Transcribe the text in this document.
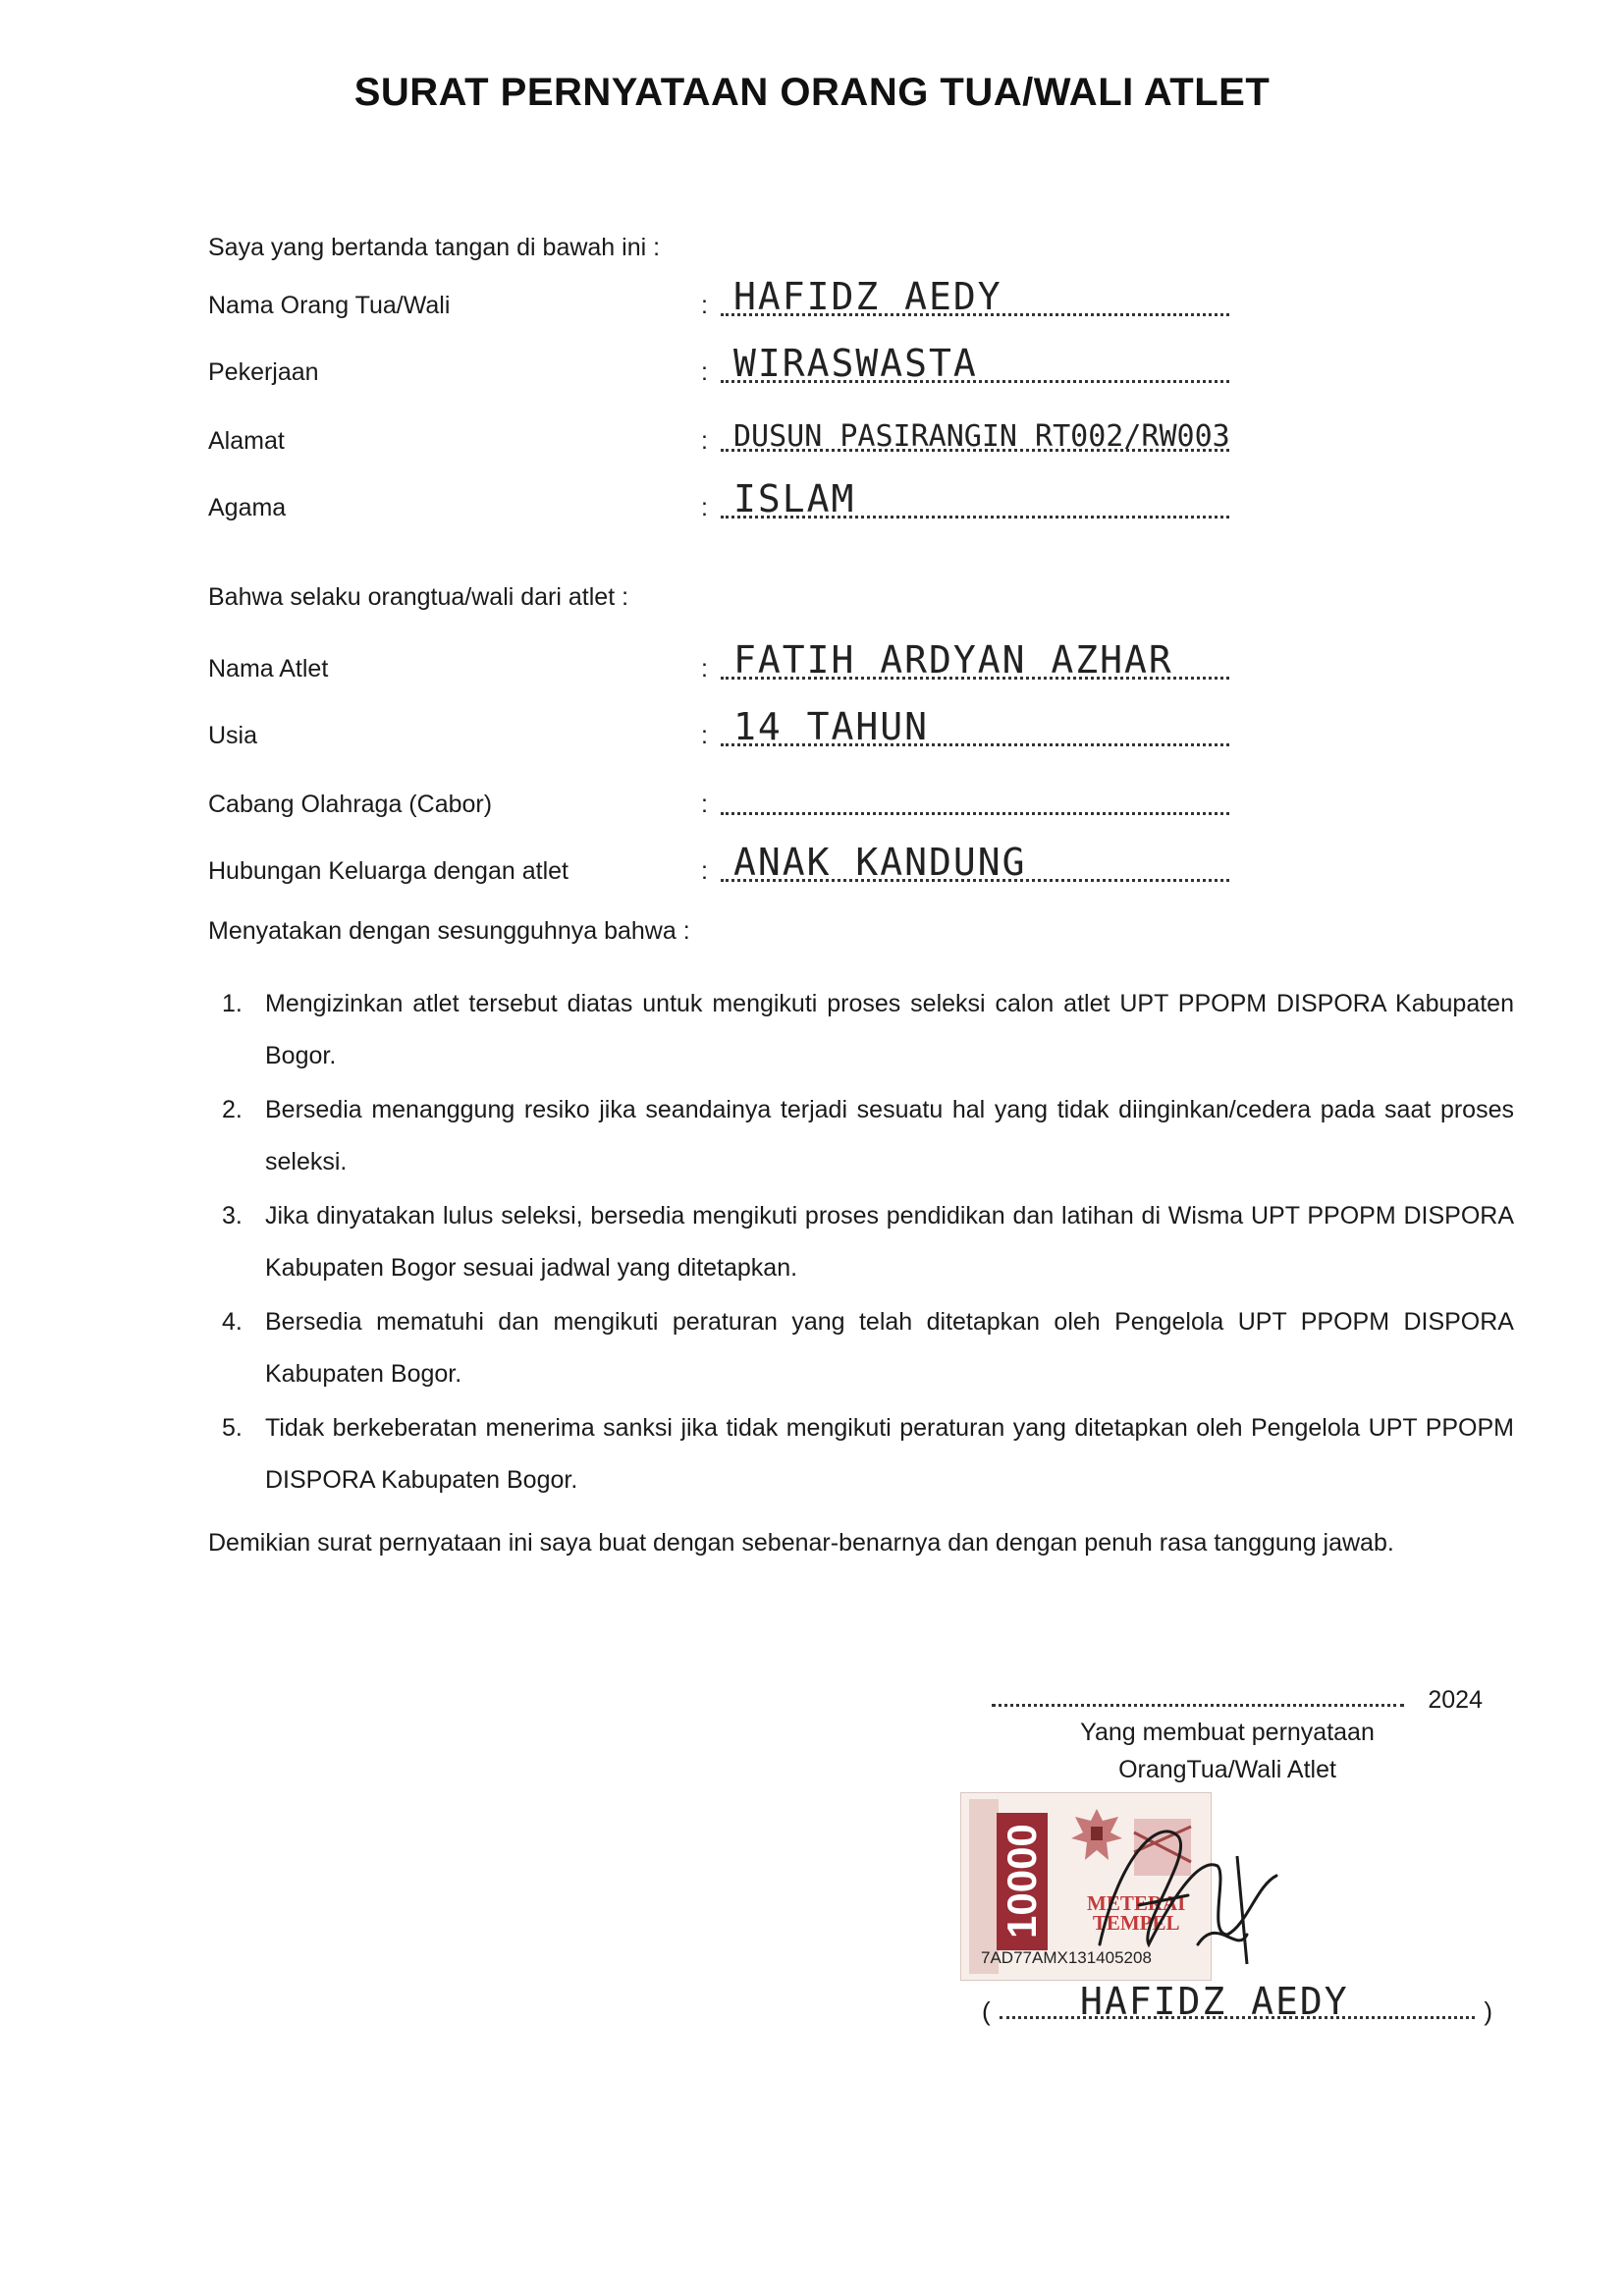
SURAT PERNYATAAN ORANG TUA/WALI ATLET
Saya yang bertanda tangan di bawah ini :
Nama Orang Tua/Wali	: HAFIDZ AEDY
Pekerjaan	: WIRASWASTA
Alamat	: DUSUN PASIRANGIN RT002/RW003
Agama	: ISLAM
Bahwa selaku orangtua/wali dari atlet :
Nama Atlet	: FATIH ARDYAN AZHAR
Usia	: 14 TAHUN
Cabang Olahraga (Cabor)	:
Hubungan Keluarga dengan atlet	: ANAK KANDUNG
Menyatakan dengan sesungguhnya bahwa :
1. Mengizinkan atlet tersebut diatas untuk mengikuti proses seleksi calon atlet UPT PPOPM DISPORA Kabupaten Bogor.
2. Bersedia menanggung resiko jika seandainya terjadi sesuatu hal yang tidak diinginkan/cedera pada saat proses seleksi.
3. Jika dinyatakan lulus seleksi, bersedia mengikuti proses pendidikan dan latihan di Wisma UPT PPOPM DISPORA Kabupaten Bogor sesuai jadwal yang ditetapkan.
4. Bersedia mematuhi dan mengikuti peraturan yang telah ditetapkan oleh Pengelola UPT PPOPM DISPORA Kabupaten Bogor.
5. Tidak berkeberatan menerima sanksi jika tidak mengikuti peraturan yang ditetapkan oleh Pengelola UPT PPOPM DISPORA Kabupaten Bogor.
Demikian surat pernyataan ini saya buat dengan sebenar-benarnya dan dengan penuh rasa tanggung jawab.
2024
Yang membuat pernyataan
OrangTua/Wali Atlet
10000 METERAI
TEMPEL
7AD77AMX131405208
( HAFIDZ AEDY	)
